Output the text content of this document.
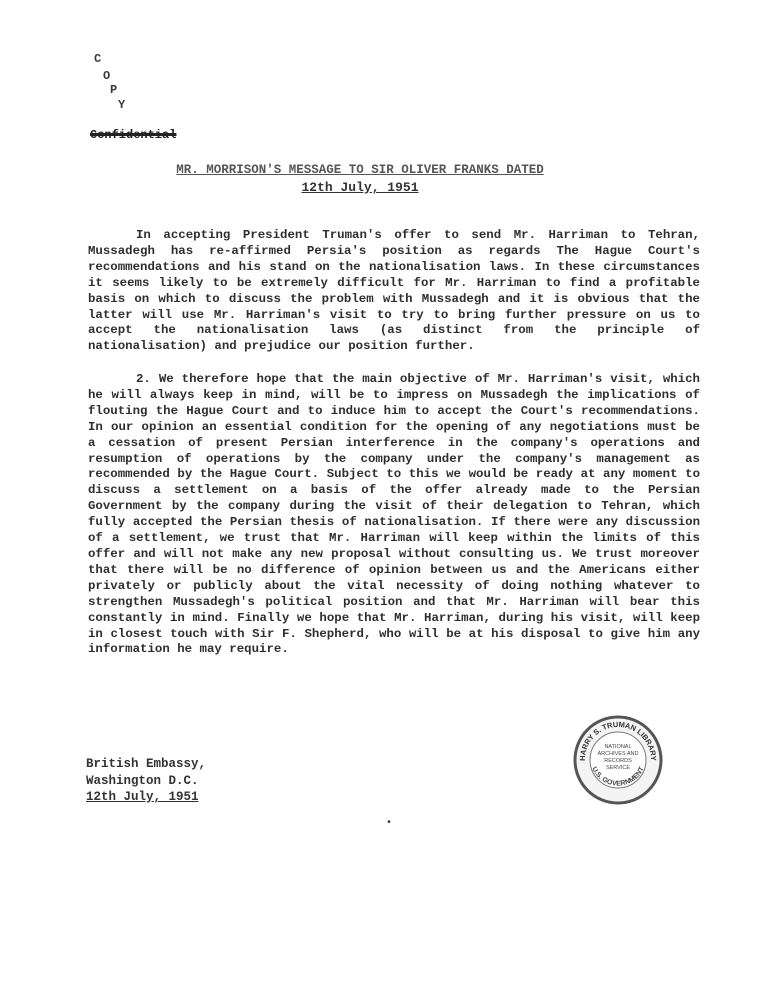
C
O
P
Y
Confidential
MR. MORRISON'S MESSAGE TO SIR OLIVER FRANKS DATED
12th July, 1951
In accepting President Truman's offer to send Mr. Harriman to Tehran, Mussadegh has re-affirmed Persia's position as regards The Hague Court's recommendations and his stand on the nationalisation laws. In these circumstances it seems likely to be extremely difficult for Mr. Harriman to find a profitable basis on which to discuss the problem with Mussadegh and it is obvious that the latter will use Mr. Harriman's visit to try to bring further pressure on us to accept the nationalisation laws (as distinct from the principle of nationalisation) and prejudice our position further.
2. We therefore hope that the main objective of Mr. Harriman's visit, which he will always keep in mind, will be to impress on Mussadegh the implications of flouting the Hague Court and to induce him to accept the Court's recommendations. In our opinion an essential condition for the opening of any negotiations must be a cessation of present Persian interference in the company's operations and resumption of operations by the company under the company's management as recommended by the Hague Court. Subject to this we would be ready at any moment to discuss a settlement on a basis of the offer already made to the Persian Government by the company during the visit of their delegation to Tehran, which fully accepted the Persian thesis of nationalisation. If there were any discussion of a settlement, we trust that Mr. Harriman will keep within the limits of this offer and will not make any new proposal without consulting us. We trust moreover that there will be no difference of opinion between us and the Americans either privately or publicly about the vital necessity of doing nothing whatever to strengthen Mussadegh's political position and that Mr. Harriman will bear this constantly in mind. Finally we hope that Mr. Harriman, during his visit, will keep in closest touch with Sir F. Shepherd, who will be at his disposal to give him any information he may require.
British Embassy,
Washington D.C.
12th July, 1951
HARRY S. TRUMAN LIBRARY
U.S. GOVERNMENT
NATIONAL
ARCHIVES AND
RECORDS
SERVICE
•
